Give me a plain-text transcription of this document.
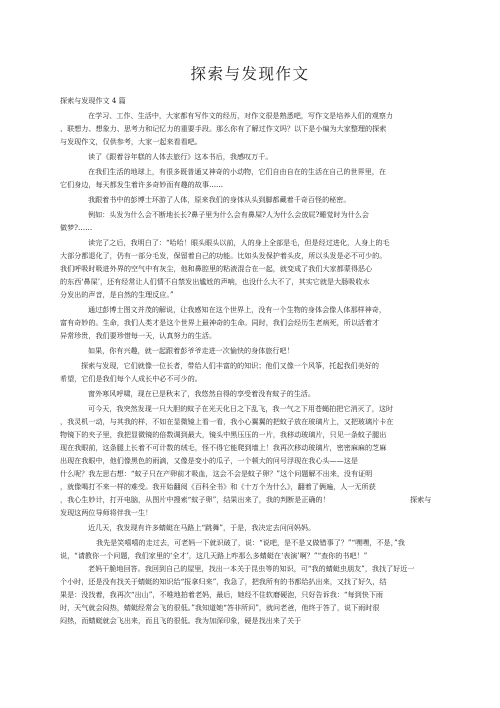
探索与发现作文
探索与发现作文 4 篇
在学习、工作、生活中，大家都有写作文的经历，对作文很是熟悉吧，写作文是培养人们的观察力
、联想力、想象力、思考力和记忆力的重要手段。那么你有了解过作文吗？以下是小编为大家整理的探索
与发现作文，仅供参考，大家一起来看看吧。
读了《跟着谷年糕的人体去旅行》这本书后，我感叹万千。
在我们生活的地球上，有很多既普通又神奇的小动物，它们自由自在的生活在自己的世界里，在
它们身边，每天都发生着许多奇妙而有趣的故事……
我跟着书中的彭博士环游了人体，原来我们的身体从头到脚都藏着千奇百怪的秘密。
例如：头发为什么会不断地长长?鼻子里为什么会有鼻屎?人为什么会放屁?睡觉时为什么会
做梦?……
读完了之后，我明白了：“哈哈！眼头眼头以前，人的身上全部是毛，但是经过进化，人身上的毛
大部分都退化了，仍有一部分毛发，保留着自己的功能。比如头发保护着头皮，所以头发是必不可少的。
我们呼吸时吸进外界的空气中有灰尘，他和鼻腔里的粘液混合在一起，就变成了我们大家都蒙得恶心
的东西‘鼻屎’，还有经常让人们情不自禁发出尴尬的声响，也没什么大不了，其实它就是大肠吸收水
分发出的声音，是自然的生理反应。”
通过彭博士图文并茂的解说，让我感知在这个世界上，没有一个生物的身体会像人体那样神奇，
富有奇妙的。生命，我们人类才是这个世界上最神奇的生命。同时，我们会经历生老病死，所以活着才
异常珍贵，我们要珍惜每一天，认真努力的生活。
如果，你有兴趣，就一起跟着彭爷爷走进一次愉快的身体旅行吧！
探索与发现，它们就像一位长者，带给人们丰富的的知识；他们又像一个风筝，托起我们美好的
希望，它们是我们每个人成长中必不可少的。
窗外寒风呼啸，现在已是秋末了，我悠然自得的享受着没有蚊子的生活。
可今天，我突然发现一只大胆的蚊子在光天化日之下乱飞，我一气之下用苍蝇拍把它消灭了，这时
，我灵机一动，与其我的样，不如在显微镜上看一看，我小心翼翼的把蚊子放在玻璃片上，又把玻璃片卡在
物镜下的夹子里，我把显微镜的倍数调到最大，镜头中黑压压的一片，我移动玻璃片，只见一条蚊子腿出
现在我眼前，这条腿上长着不可计数的绒毛，怪不得它能爬到墙上！我再次移动玻璃片，密密麻麻的芝麻
出现在我眼中，他们像黑色的雨滴，又像是变小的瓜子，一个顿大的问号浮现在我心头——这是
什么呢？我左思右想：“蚊子只在产卵前才吸血，这会不会是蚊子卵？”这个问题解不出来，没有证明
，就像喝打不来一样的难受。我开始翻阅《百科全书》和《十万个为什么》，翻着了俩遍，人一无所获
，我心生妙计，打开电脑，从图片中搜索“蚊子卵”，结果出来了，我的判断是正确的！	探索与
发现这两位导师将伴我一生！
近几天，我发现有许多蜻蜓在马路上“跳舞”，于是，我决定去问问妈妈。
我先是笑嘻嘻的走过去，可老妈一下就识破了，说：“说吧，是不是又做错事了？”“嘿嘿，不是，”我
说，“请教你一个问题，我们家里的‘全才’，这几天路上咋那么多蜻蜓在‘表演’啊？”“查你的书吧！”
老妈干脆地回答。我回到自己的屋里，找出一本关于昆虫等的知识，可“我的蜻蜓虫朋友”，我找了好近一
个小时，还是没有找关于蜻蜓的知识给“报拿归来”，我急了，把我所有的书都给扒出来，又找了好久，结
果是：没找着，我再次“出山”，不唯地拍着老妈，最后，她经不住软磨硬泡，只好告诉我：“每到快下雨
时，天气就会闷热，蜻蜓经常会飞的很低。”我知道她“答非所问”，就问老爸，他终于答了，说下雨时很
闷热，而蜻蜓就会飞出来，而且飞的很低。我为加深印象，硬是找出来了关于
